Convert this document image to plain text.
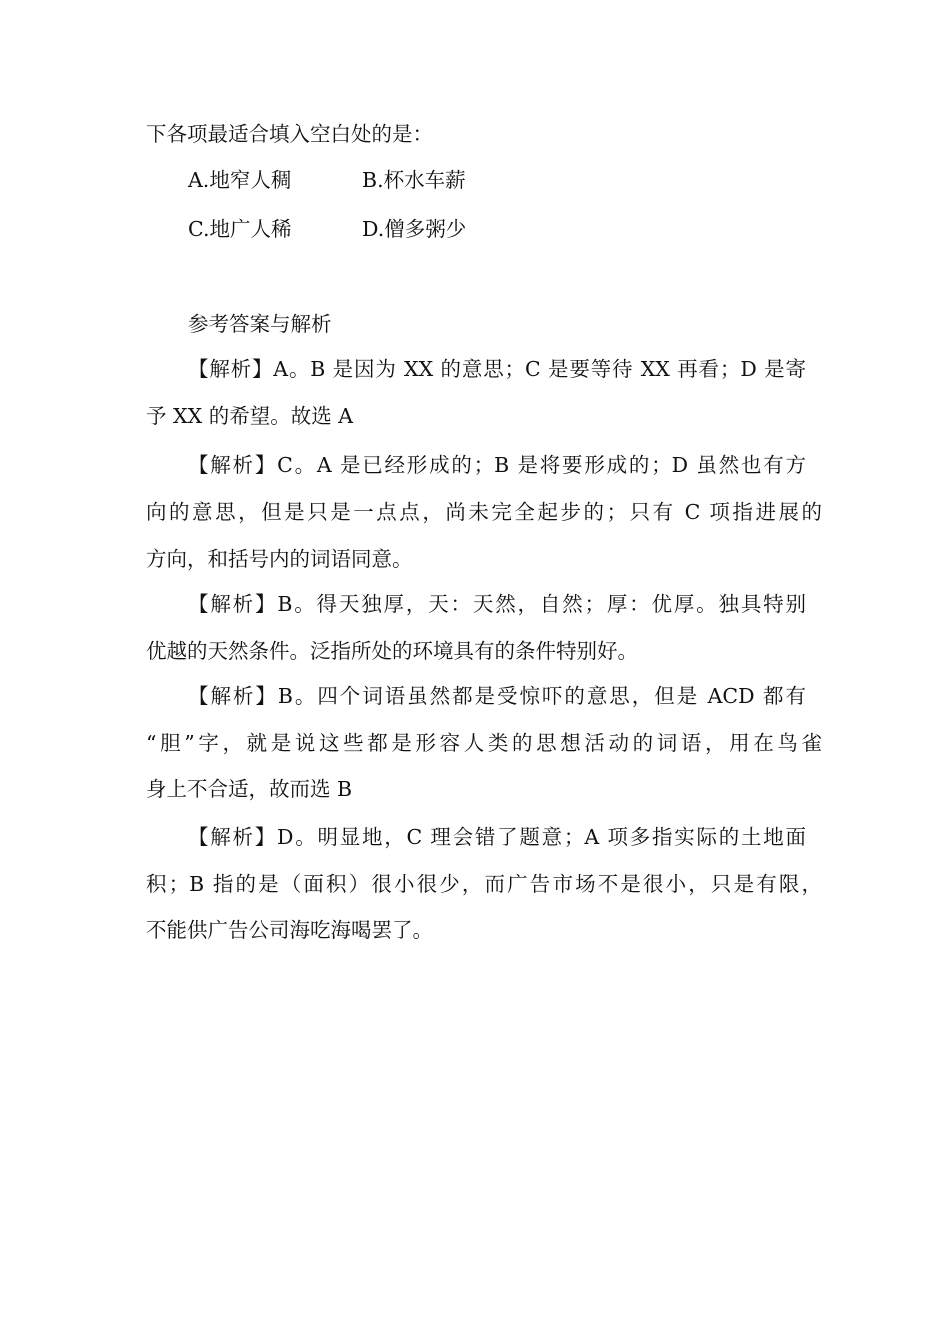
下各项最适合填入空白处的是：
A.地窄人稠	B.杯水车薪
C.地广人稀	D.僧多粥少
参考答案与解析
【解析】A。B 是因为 XX 的意思；C 是要等待 XX 再看；D 是寄
予 XX 的希望。故选 A
【解析】C。A 是已经形成的；B 是将要形成的；D 虽然也有方
向的意思，但是只是一点点，尚未完全起步的；只有 C 项指进展的
方向，和括号内的词语同意。
【解析】B。得天独厚，天：天然，自然；厚：优厚。独具特别
优越的天然条件。泛指所处的环境具有的条件特别好。
【解析】B。四个词语虽然都是受惊吓的意思，但是 ACD 都有
“胆”字，就是说这些都是形容人类的思想活动的词语，用在鸟雀
身上不合适，故而选 B
【解析】D。明显地，C 理会错了题意；A 项多指实际的土地面
积；B 指的是（面积）很小很少，而广告市场不是很小，只是有限，
不能供广告公司海吃海喝罢了。
